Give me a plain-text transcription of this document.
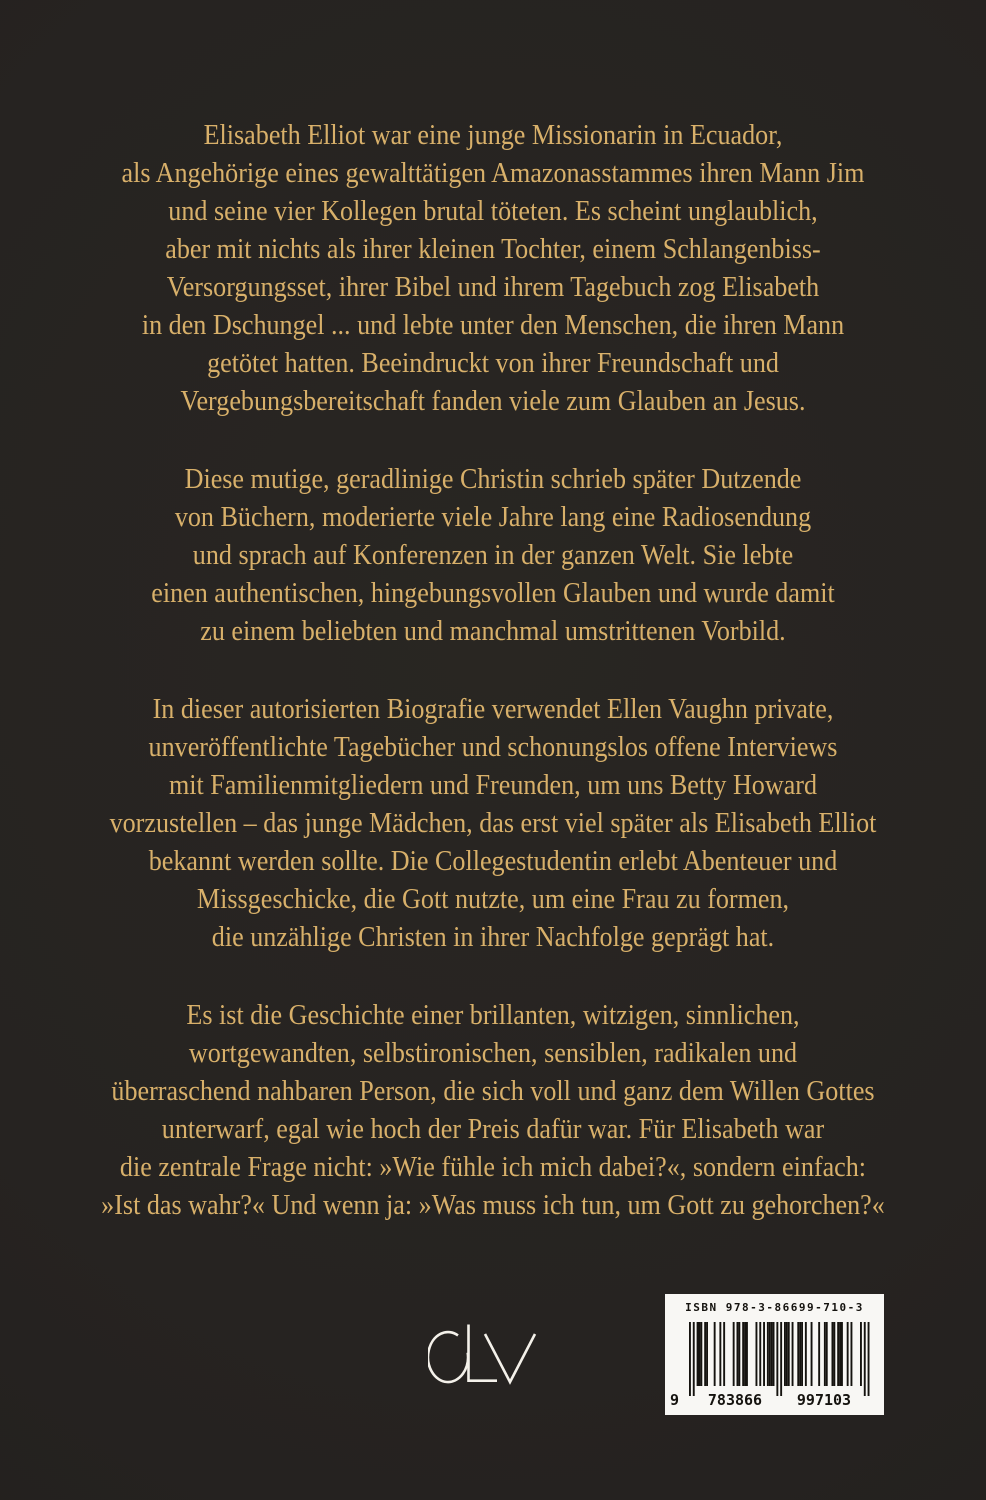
Elisabeth Elliot war eine junge Missionarin in Ecuador,
als Angehörige eines gewalttätigen Amazonasstammes ihren Mann Jim
und seine vier Kollegen brutal töteten. Es scheint unglaublich,
aber mit nichts als ihrer kleinen Tochter, einem Schlangenbiss-
Versorgungsset, ihrer Bibel und ihrem Tagebuch zog Elisabeth
in den Dschungel ... und lebte unter den Menschen, die ihren Mann
getötet hatten. Beeindruckt von ihrer Freundschaft und
Vergebungsbereitschaft fanden viele zum Glauben an Jesus.
Diese mutige, geradlinige Christin schrieb später Dutzende
von Büchern, moderierte viele Jahre lang eine Radiosendung
und sprach auf Konferenzen in der ganzen Welt. Sie lebte
einen authentischen, hingebungsvollen Glauben und wurde damit
zu einem beliebten und manchmal umstrittenen Vorbild.
In dieser autorisierten Biografie verwendet Ellen Vaughn private,
unveröffentlichte Tagebücher und schonungslos offene Interviews
mit Familienmitgliedern und Freunden, um uns Betty Howard
vorzustellen – das junge Mädchen, das erst viel später als Elisabeth Elliot
bekannt werden sollte. Die Collegestudentin erlebt Abenteuer und
Missgeschicke, die Gott nutzte, um eine Frau zu formen,
die unzählige Christen in ihrer Nachfolge geprägt hat.
Es ist die Geschichte einer brillanten, witzigen, sinnlichen,
wortgewandten, selbstironischen, sensiblen, radikalen und
überraschend nahbaren Person, die sich voll und ganz dem Willen Gottes
unterwarf, egal wie hoch der Preis dafür war. Für Elisabeth war
die zentrale Frage nicht: »Wie fühle ich mich dabei?«, sondern einfach:
»Ist das wahr?« Und wenn ja: »Was muss ich tun, um Gott zu gehorchen?«
ISBN 978-3-86699-710-3
9	783866	997103
